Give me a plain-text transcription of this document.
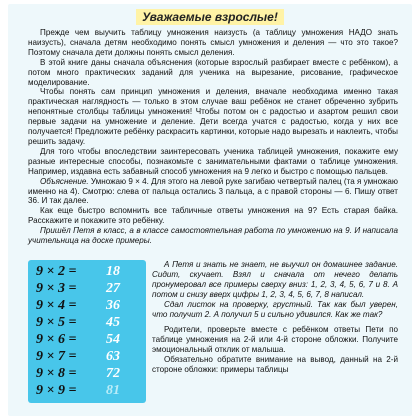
Уважаемые взрослые!

Прежде чем выучить таблицу умножения наизусть (а таблицу умножения НАДО знать наизусть), сначала детям необходимо понять смысл умножения и деления — что это такое? Поэтому сначала дети должны понять смысл деления.

В этой книге даны сначала объяснения (которые взрослый разбирает вместе с ребёнком), а потом много практических заданий для ученика на вырезание, рисование, графическое моделирование.

Чтобы понять сам принцип умножения и деления, вначале необходима именно такая практическая наглядность — только в этом случае ваш ребёнок не станет обреченно зубрить непонятные столбцы таблицы умножения! Чтобы потом он с радостью и азартом решил свои первые задачи на умножение и деление. Дети всегда учатся с радостью, когда у них все получается! Предложите ребёнку раскрасить картинки, которые надо вырезать и наклеить, чтобы решить задачу.

Для того чтобы впоследствии заинтересовать ученика таблицей умножения, покажите ему разные интересные способы, познакомьте с занимательными фактами о таблице умножения. Например, издавна есть забавный способ умножения на 9 легко и быстро с помощью пальцев.

Объяснение. Умножаю 9 × 4. Для этого на левой руке загибаю четвертый палец (та я умножаю именно на 4). Смотрю: слева от пальца остались 3 пальца, а с правой стороны — 6. Пишу ответ 36. И так далее.

Как еще быстро вспомнить все табличные ответы умножения на 9? Есть старая байка. Расскажите и покажите это ребёнку.

Пришёл Петя в класс, а в классе самостоятельная работа по умножению на 9. И написала учительница на доске примеры.

9 × 2 = 18
9 × 3 = 27
9 × 4 = 36
9 × 5 = 45
9 × 6 = 54
9 × 7 = 63
9 × 8 = 72
9 × 9 = 81

А Петя и знать не знает, не выучил он домашнее задание. Сидит, скучает. Взял и сначала от нечего делать пронумеровал все примеры сверху вниз: 1, 2, 3, 4, 5, 6, 7 и 8. А потом и снизу вверх цифры 1, 2, 3, 4, 5, 6, 7, 8 написал.

Сдал листок на проверку, грустный. Так как был уверен, что получит 2. А получил 5 и сильно удивился. Как же так?

Родители, проверьте вместе с ребёнком ответы Пети по таблице умножения на 2-й или 4-й стороне обложки. Получите эмоциональный отклик от малыша.

Обязательно обратите внимание на вывод, данный на 2-й стороне обложки: примеры таблицы
